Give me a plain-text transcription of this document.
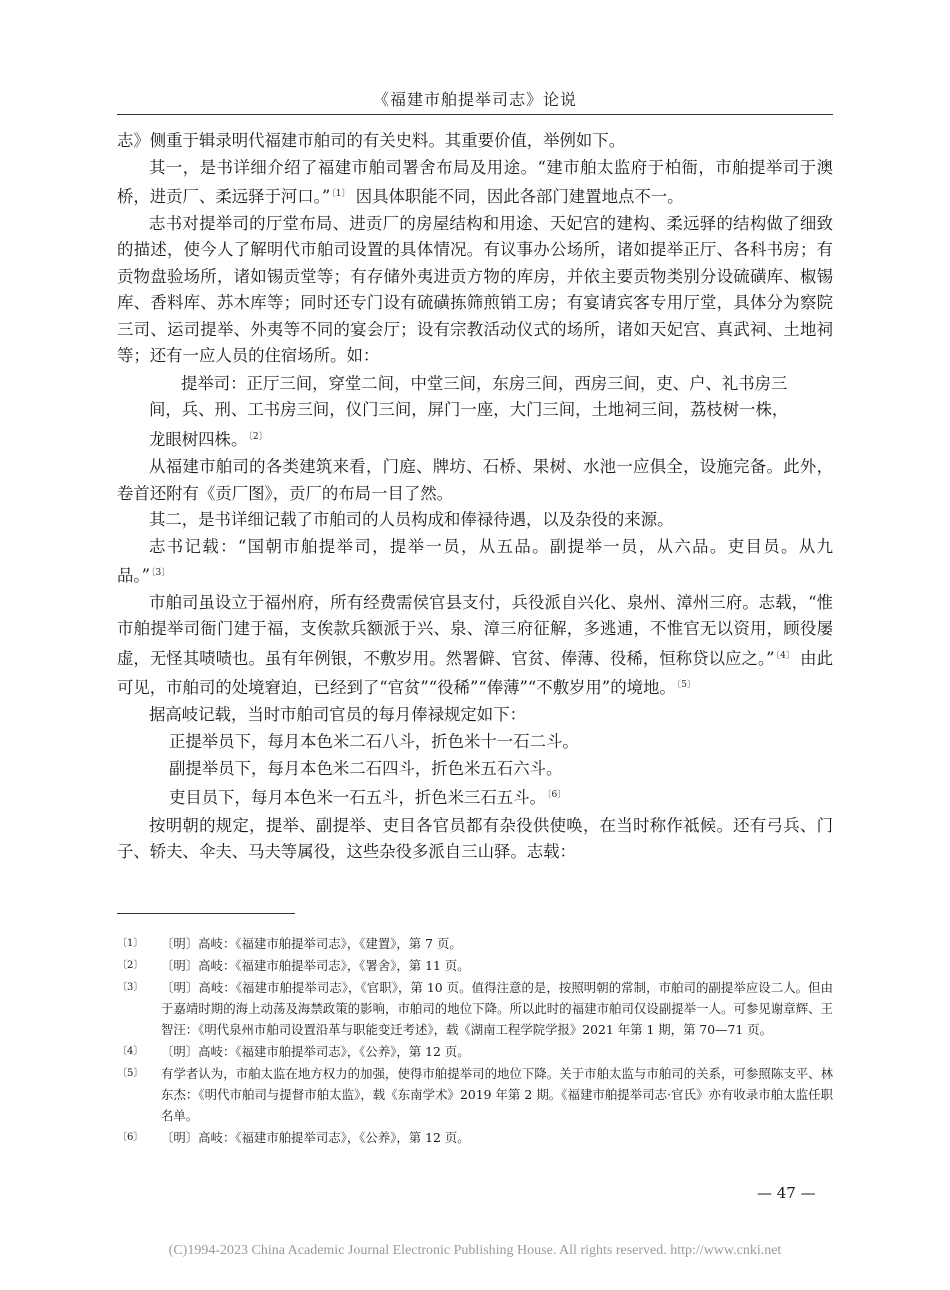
《福建市舶提举司志》论说

志》侧重于辑录明代福建市舶司的有关史料。其重要价值，举例如下。

其一，是书详细介绍了福建市舶司署舍布局及用途。“建市舶太监府于柏衙，市舶提举司于澳桥，进贡厂、柔远驿于河口。”$^{〔1〕}$ 因具体职能不同，因此各部门建置地点不一。

志书对提举司的厅堂布局、进贡厂的房屋结构和用途、天妃宫的建构、柔远驿的结构做了细致的描述，使今人了解明代市舶司设置的具体情况。有议事办公场所，诸如提举正厅、各科书房；有贡物盘验场所，诸如锡贡堂等；有存储外夷进贡方物的库房，并依主要贡物类别分设硫磺库、椒锡库、香料库、苏木库等；同时还专门设有硫磺拣筛煎销工房；有宴请宾客专用厅堂，具体分为察院三司、运司提举、外夷等不同的宴会厅；设有宗教活动仪式的场所，诸如天妃宫、真武祠、土地祠等；还有一应人员的住宿场所。如：

提举司：正厅三间，穿堂二间，中堂三间，东房三间，西房三间，吏、户、礼书房三

间，兵、刑、工书房三间，仪门三间，屏门一座，大门三间，土地祠三间，荔枝树一株，

龙眼树四株。$^{〔2〕}$

从福建市舶司的各类建筑来看，门庭、牌坊、石桥、果树、水池一应俱全，设施完备。此外，卷首还附有《贡厂图》，贡厂的布局一目了然。

其二，是书详细记载了市舶司的人员构成和俸禄待遇，以及杂役的来源。

志书记载：“国朝市舶提举司，提举一员，从五品。副提举一员，从六品。吏目员。从九品。”$^{〔3〕}$

市舶司虽设立于福州府，所有经费需侯官县支付，兵役派自兴化、泉州、漳州三府。志载，“惟市舶提举司衙门建于福，支俟款兵额派于兴、泉、漳三府征解，多逃逋，不惟官无以资用，顾役屡虚，无怪其啧啧也。虽有年例银，不敷岁用。然署僻、官贫、俸薄、役稀，恒称贷以应之。”$^{〔4〕}$ 由此可见，市舶司的处境窘迫，已经到了“官贫”“役稀”“俸薄”“不敷岁用”的境地。$^{〔5〕}$

据高岐记载，当时市舶司官员的每月俸禄规定如下：

正提举员下，每月本色米二石八斗，折色米十一石二斗。

副提举员下，每月本色米二石四斗，折色米五石六斗。

吏目员下，每月本色米一石五斗，折色米三石五斗。$^{〔6〕}$

按明朝的规定，提举、副提举、吏目各官员都有杂役供使唤，在当时称作祗候。还有弓兵、门子、轿夫、伞夫、马夫等属役，这些杂役多派自三山驿。志载：

〔1〕	〔明〕高岐：《福建市舶提举司志》，《建置》，第 7 页。
〔2〕	〔明〕高岐：《福建市舶提举司志》，《署舍》，第 11 页。
〔3〕	〔明〕高岐：《福建市舶提举司志》，《官职》，第 10 页。值得注意的是，按照明朝的常制，市舶司的副提举应设二人。但由于嘉靖时期的海上动荡及海禁政策的影响，市舶司的地位下降。所以此时的福建市舶司仅设副提举一人。可参见谢章辉、王智汪：《明代泉州市舶司设置沿革与职能变迁考述》，载《湖南工程学院学报》2021 年第 1 期，第 70—71 页。
〔4〕	〔明〕高岐：《福建市舶提举司志》，《公养》，第 12 页。
〔5〕	有学者认为，市舶太监在地方权力的加强，使得市舶提举司的地位下降。关于市舶太监与市舶司的关系，可参照陈支平、林东杰：《明代市舶司与提督市舶太监》，载《东南学术》2019 年第 2 期。《福建市舶提举司志·官氏》亦有收录市舶太监任职名单。
〔6〕	〔明〕高岐：《福建市舶提举司志》，《公养》，第 12 页。
— 47 —
(C)1994-2023 China Academic Journal Electronic Publishing House. All rights reserved. http://www.cnki.net
